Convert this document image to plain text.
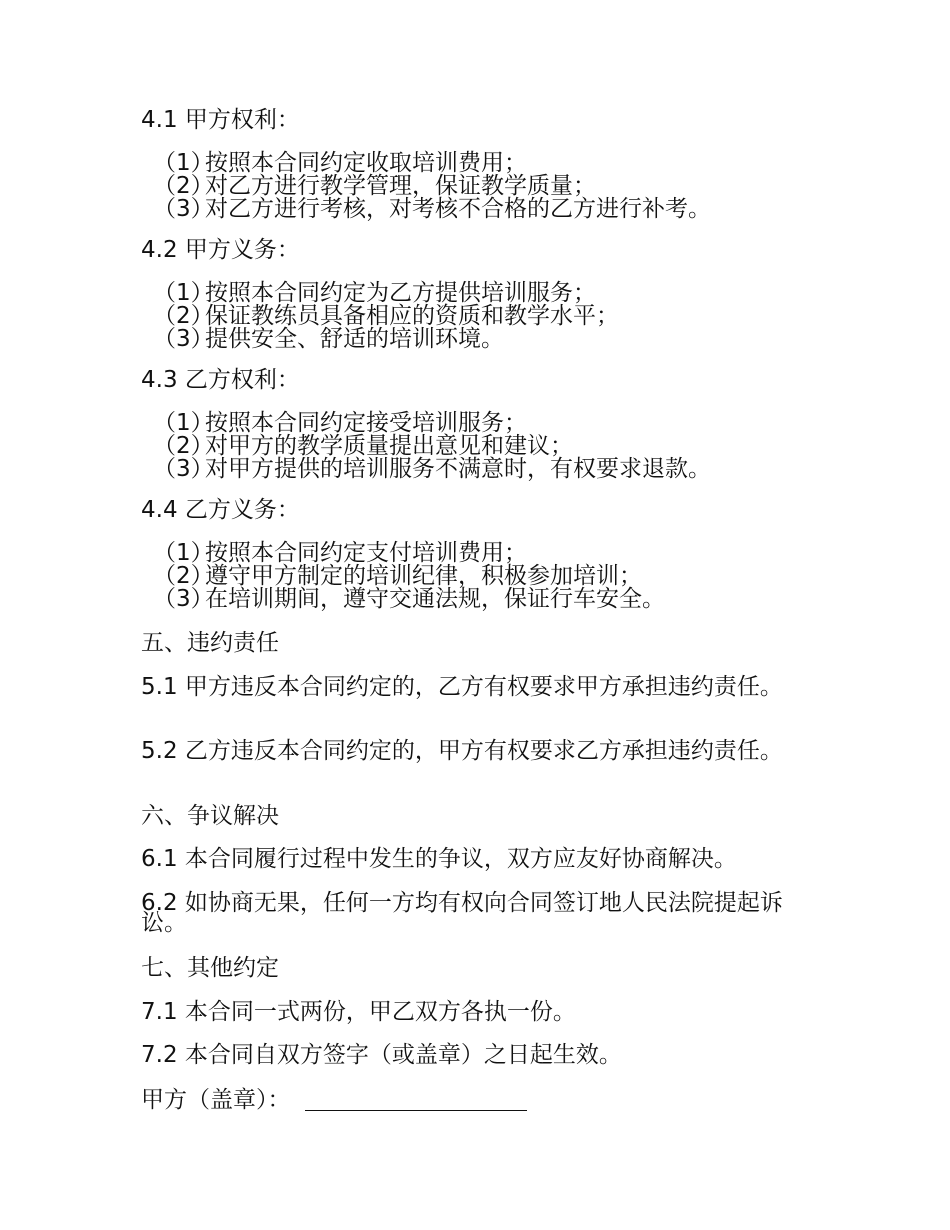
4.1 甲方权利：
（1）按照本合同约定收取培训费用；
（2）对乙方进行教学管理，保证教学质量；
（3）对乙方进行考核，对考核不合格的乙方进行补考。
4.2 甲方义务：
（1）按照本合同约定为乙方提供培训服务；
（2）保证教练员具备相应的资质和教学水平；
（3）提供安全、舒适的培训环境。
4.3 乙方权利：
（1）按照本合同约定接受培训服务；
（2）对甲方的教学质量提出意见和建议；
（3）对甲方提供的培训服务不满意时，有权要求退款。
4.4 乙方义务：
（1）按照本合同约定支付培训费用；
（2）遵守甲方制定的培训纪律，积极参加培训；
（3）在培训期间，遵守交通法规，保证行车安全。
五、违约责任
5.1 甲方违反本合同约定的，乙方有权要求甲方承担违约责任。
5.2 乙方违反本合同约定的，甲方有权要求乙方承担违约责任。
六、争议解决
6.1 本合同履行过程中发生的争议，双方应友好协商解决。
6.2 如协商无果，任何一方均有权向合同签订地人民法院提起诉讼。
七、其他约定
7.1 本合同一式两份，甲乙双方各执一份。
7.2 本合同自双方签字（或盖章）之日起生效。
甲方（盖章）：
